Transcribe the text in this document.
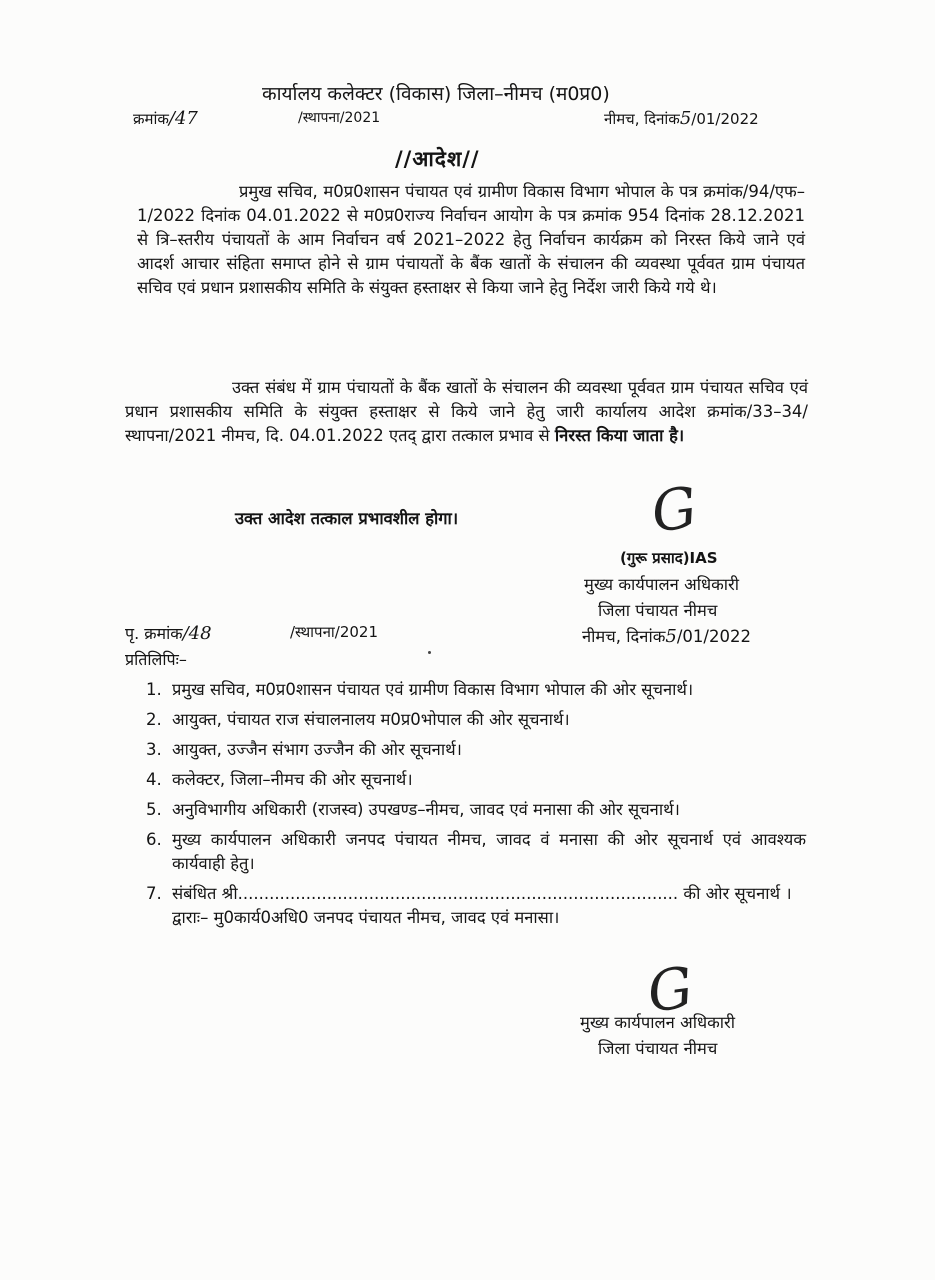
कार्यालय कलेक्टर (विकास) जिला–नीमच (म0प्र0)
क्रमांक/47	/स्थापना/2021	नीमच, दिनांक5/01/2022
//आदेश//
प्रमुख सचिव, म0प्र0शासन पंचायत एवं ग्रामीण विकास विभाग भोपाल के पत्र क्रमांक/94/एफ–1/2022 दिनांक 04.01.2022 से म0प्र0राज्य निर्वाचन आयोग के पत्र क्रमांक 954 दिनांक 28.12.2021 से त्रि–स्तरीय पंचायतों के आम निर्वाचन वर्ष 2021–2022 हेतु निर्वाचन कार्यक्रम को निरस्त किये जाने एवं आदर्श आचार संहिता समाप्त होने से ग्राम पंचायतों के बैंक खातों के संचालन की व्यवस्था पूर्ववत ग्राम पंचायत सचिव एवं प्रधान प्रशासकीय समिति के संयुक्त हस्ताक्षर से किया जाने हेतु निर्देश जारी किये गये थे।
उक्त संबंध में ग्राम पंचायतों के बैंक खातों के संचालन की व्यवस्था पूर्ववत ग्राम पंचायत सचिव एवं प्रधान प्रशासकीय समिति के संयुक्त हस्ताक्षर से किये जाने हेतु जारी कार्यालय आदेश क्रमांक/33–34/स्थापना/2021 नीमच, दि. 04.01.2022 एतद् द्वारा तत्काल प्रभाव से निरस्त किया जाता है।
उक्त आदेश तत्काल प्रभावशील होगा।	G
(गुरू प्रसाद)IAS
मुख्य कार्यपालन अधिकारी
जिला पंचायत नीमच
नीमच, दिनांक5/01/2022
पृ. क्रमांक/48	/स्थापना/2021
प्रतिलिपिः–
1. प्रमुख सचिव, म0प्र0शासन पंचायत एवं ग्रामीण विकास विभाग भोपाल की ओर सूचनार्थ।
2. आयुक्त, पंचायत राज संचालनालय म0प्र0भोपाल की ओर सूचनार्थ।
3. आयुक्त, उज्जैन संभाग उज्जैन की ओर सूचनार्थ।
4. कलेक्टर, जिला–नीमच की ओर सूचनार्थ।
5. अनुविभागीय अधिकारी (राजस्व) उपखण्ड–नीमच, जावद एवं मनासा की ओर सूचनार्थ।
6. मुख्य कार्यपालन अधिकारी जनपद पंचायत नीमच, जावद वं मनासा की ओर सूचनार्थ एवं आवश्यक कार्यवाही हेतु।
7. संबंधित श्री.................................................................................... की ओर सूचनार्थ ।
द्वाराः– मु0कार्य0अधि0 जनपद पंचायत नीमच, जावद एवं मनासा।
G
मुख्य कार्यपालन अधिकारी
जिला पंचायत नीमच
